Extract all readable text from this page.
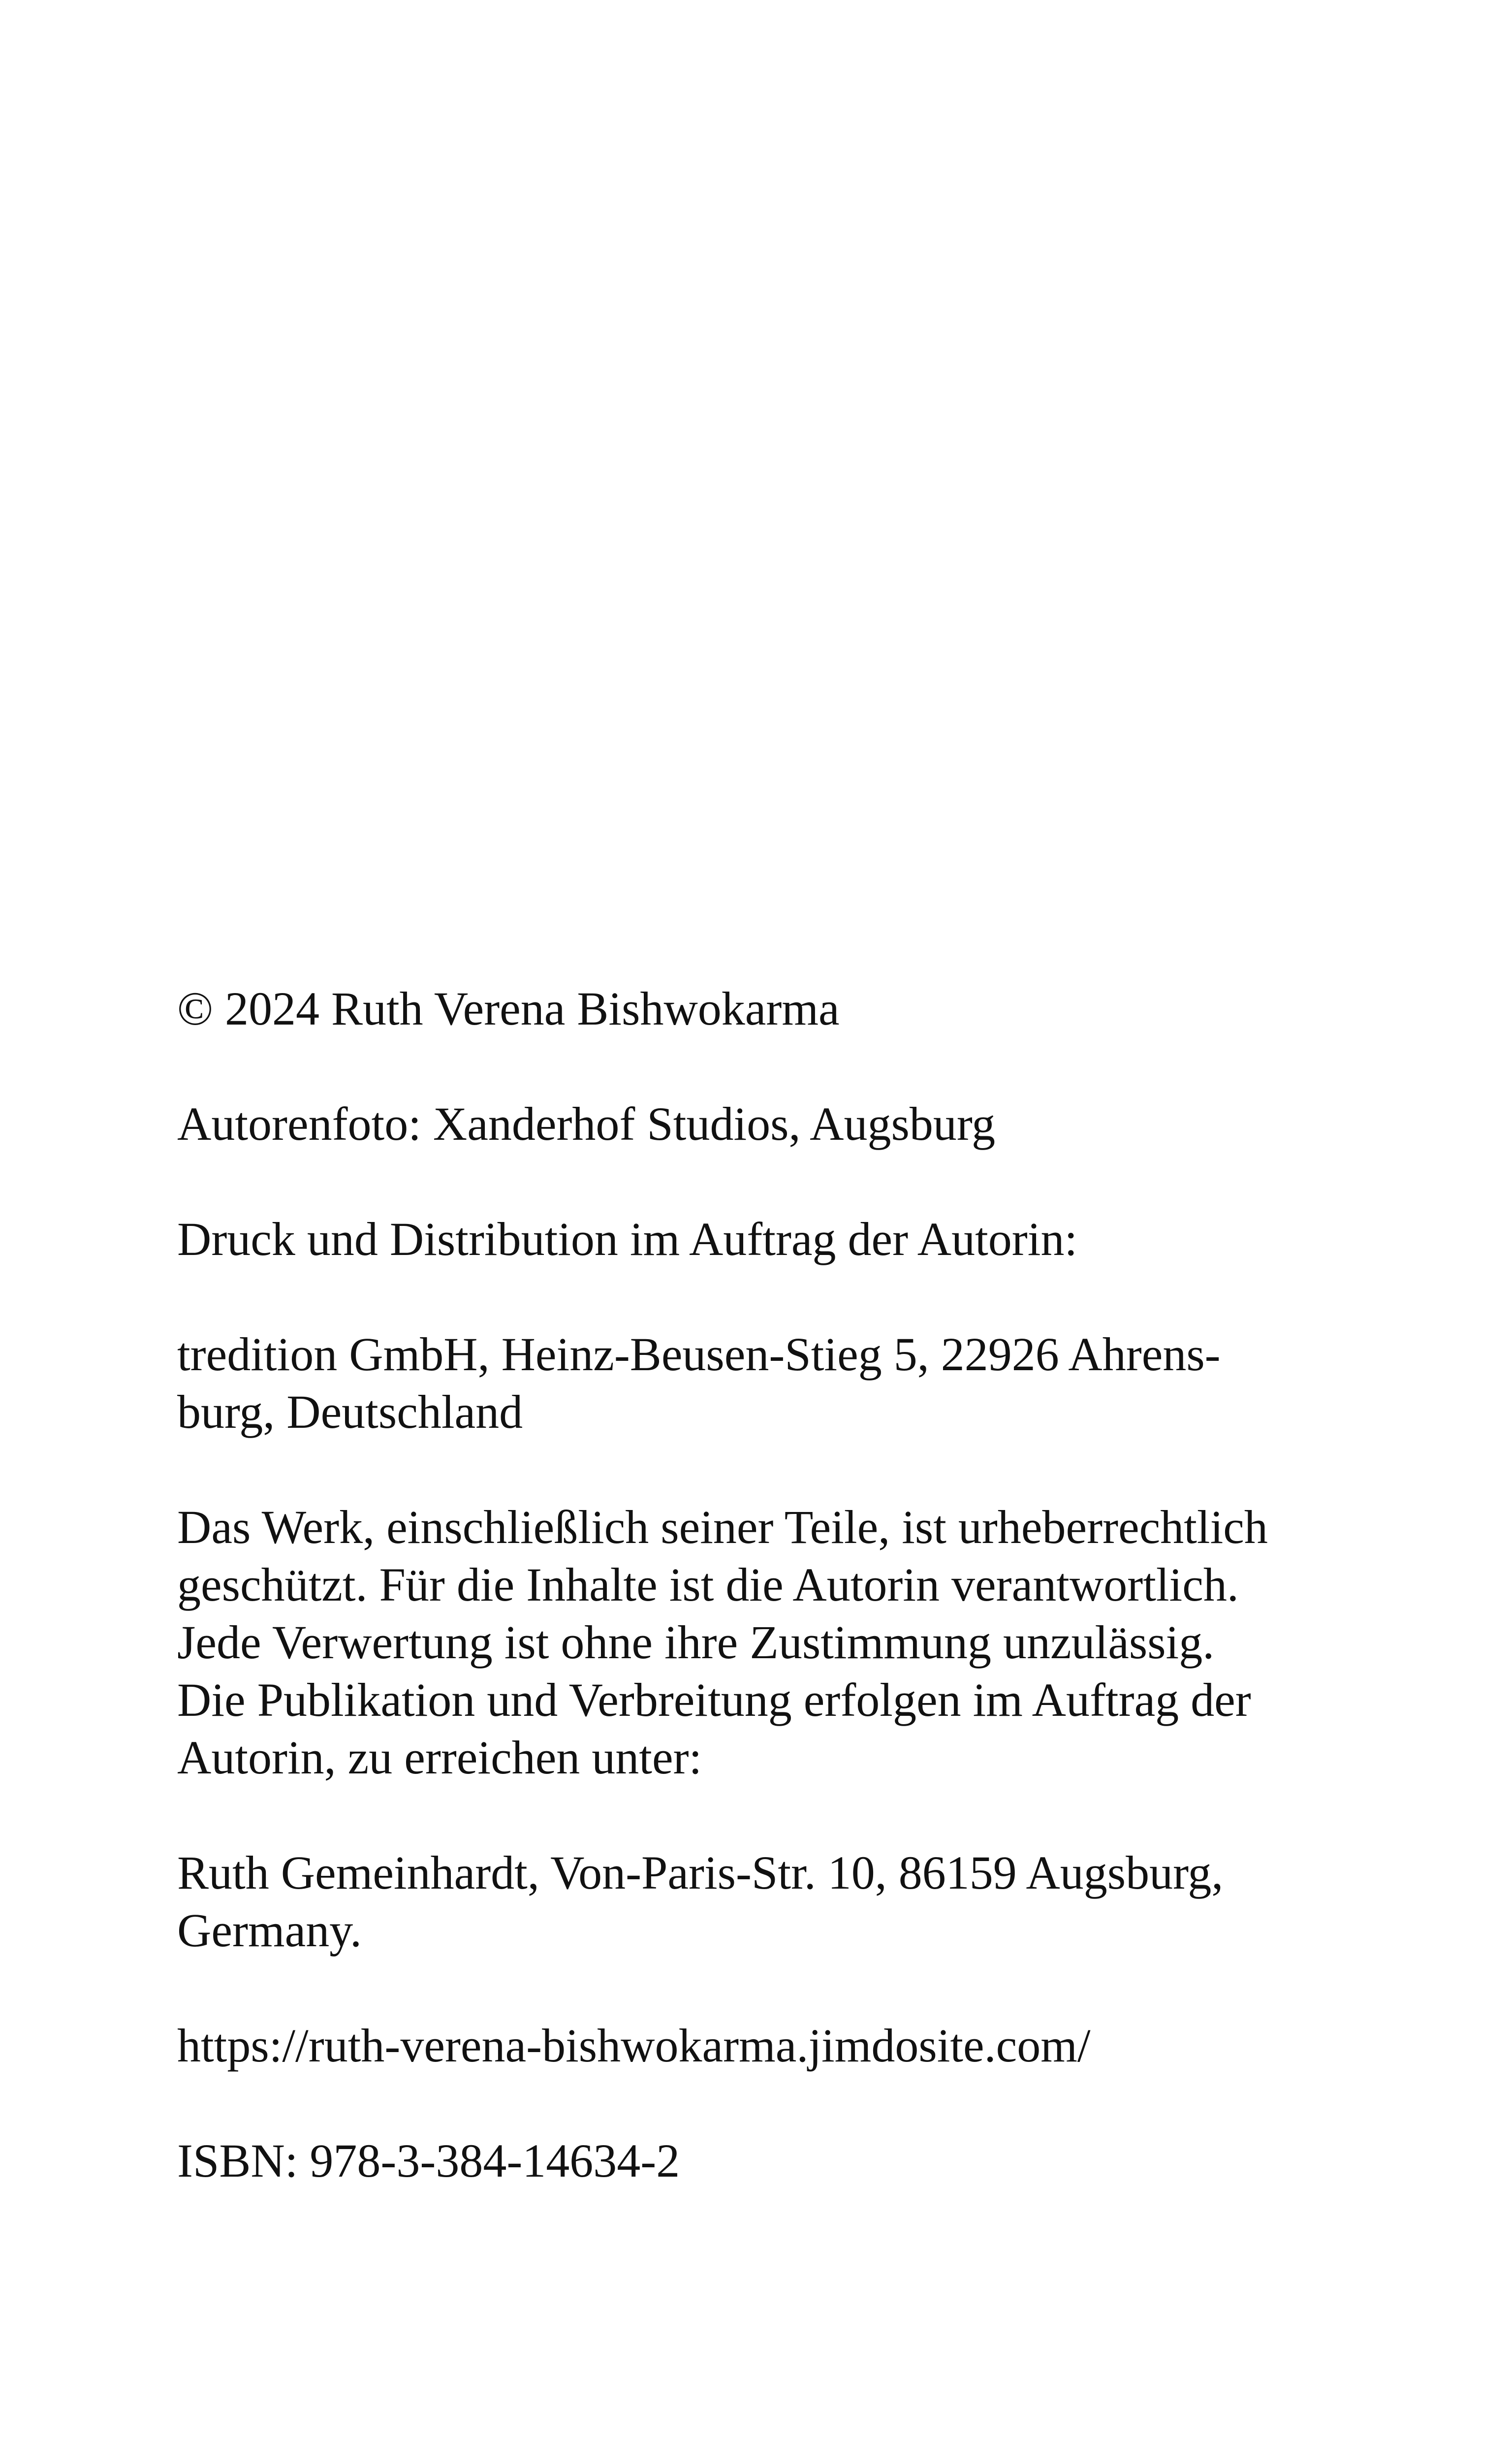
© 2024 Ruth Verena Bishwokarma

Autorenfoto: Xanderhof Studios, Augsburg

Druck und Distribution im Auftrag der Autorin:

tredition GmbH, Heinz-Beusen-Stieg 5, 22926 Ahrens-
burg, Deutschland

Das Werk, einschließlich seiner Teile, ist urheberrechtlich
geschützt. Für die Inhalte ist die Autorin verantwortlich.
Jede Verwertung ist ohne ihre Zustimmung unzulässig.
Die Publikation und Verbreitung erfolgen im Auftrag der
Autorin, zu erreichen unter:

Ruth Gemeinhardt, Von-Paris-Str. 10, 86159 Augsburg,
Germany.

https://ruth-verena-bishwokarma.jimdosite.com/

ISBN: 978-3-384-14634-2
